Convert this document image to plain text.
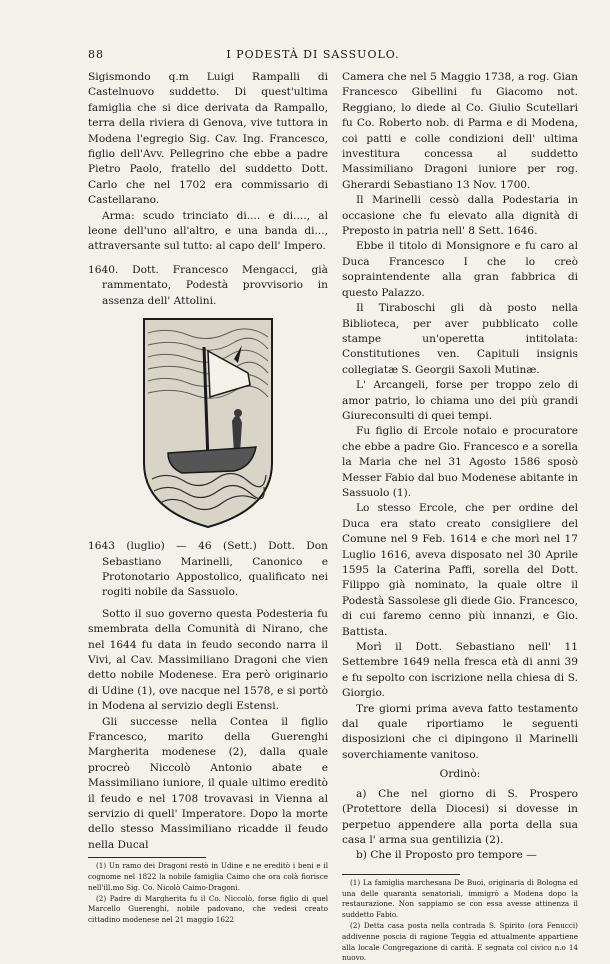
88	I PODESTÀ DI SASSUOLO.

Sigismondo q.m Luigi Rampalli di Castelnuovo suddetto. Di quest'ultima famiglia che si dice derivata da Rampallo, terra della riviera di Genova, vive tuttora in Modena l'egregio Sig. Cav. Ing. Francesco, figlio dell'Avv. Pellegrino che ebbe a padre Pietro Paolo, fratello del suddetto Dott. Carlo che nel 1702 era commissario di Castellarano.

Arma: scudo trinciato di.... e di...., al leone dell'uno all'altro, e una banda di..., attraversante sul tutto: al capo dell' Impero.

1640. Dott. Francesco Mengacci, già rammentato, Podestà provvisorio in assenza dell' Attolini.

1643 (luglio) — 46 (Sett.) Dott. Don Sebastiano Marinelli, Canonico e Protonotario Appostolico, qualificato nei rogiti nobile da Sassuolo.

Sotto il suo governo questa Podesteria fu smembrata della Comunità di Nirano, che nel 1644 fu data in feudo secondo narra il Vivi, al Cav. Massimiliano Dragoni che vien detto nobile Modenese. Era però originario di Udine (1), ove nacque nel 1578, e si portò in Modena al servizio degli Estensi.

Gli successe nella Contea il figlio Francesco, marito della Guerenghi Margherita modenese (2), dalla quale procreò Niccolò Antonio abate e Massimiliano iuniore, il quale ultimo ereditò il feudo e nel 1708 trovavasi in Vienna al servizio di quell' Imperatore. Dopo la morte dello stesso Massimiliano ricadde il feudo nella Ducal

(1) Un ramo dei Dragoni restò in Udine e ne ereditò i beni e il cognome nel 1822 la nobile famiglia Caimo che ora colà fiorisce nell'ill.mo Sig. Co. Nicolò Caimo-Dragoni.

(2) Padre di Margherita fu il Co. Niccolò, forse figlio di quel Marcello Guerenghi, nobile padovano, che vedesi creato cittadino modenese nel 21 maggio 1622

Camera che nel 5 Maggio 1738, a rog. Gian Francesco Gibellini fu Giacomo not. Reggiano, lo diede al Co. Giulio Scutellari fu Co. Roberto nob. di Parma e di Modena, coi patti e colle condizioni dell' ultima investitura concessa al suddetto Massimiliano Dragoni iuniore per rog. Gherardi Sebastiano 13 Nov. 1700.

Il Marinelli cessò dalla Podestaria in occasione che fu elevato alla dignità di Preposto in patria nell' 8 Sett. 1646.

Ebbe il titolo di Monsignore e fu caro al Duca Francesco I che lo creò sopraintendente alla gran fabbrica di questo Palazzo.

Il Tiraboschi gli dà posto nella Biblioteca, per aver pubblicato colle stampe un'operetta intitolata: Constitutiones ven. Capituli insignis collegiatæ S. Georgii Saxoli Mutinæ.

L' Arcangeli, forse per troppo zelo di amor patrio, lo chiama uno dei più grandi Giureconsulti di quei tempi.

Fu figlio di Ercole notaio e procuratore che ebbe a padre Gio. Francesco e a sorella la Maria che nel 31 Agosto 1586 sposò Messer Fabio dal buo Modenese abitante in Sassuolo (1).

Lo stesso Ercole, che per ordine del Duca era stato creato consigliere del Comune nel 9 Feb. 1614 e che morì nel 17 Luglio 1616, aveva disposato nel 30 Aprile 1595 la Caterina Paffi, sorella del Dott. Filippo già nominato, la quale oltre il Podestà Sassolese gli diede Gio. Francesco, di cui faremo cenno più innanzi, e Gio. Battista.

Morì il Dott. Sebastiano nell' 11 Settembre 1649 nella fresca età di anni 39 e fu sepolto con iscrizione nella chiesa di S. Giorgio.

Tre giorni prima aveva fatto testamento dal quale riportiamo le seguenti disposizioni che ci dipingono il Marinelli soverchiamente vanitoso.

Ordinò:

a) Che nel giorno di S. Prospero (Protettore della Diocesi) si dovesse in perpetuo appendere alla porta della sua casa l' arma sua gentilizia (2).

b) Che il Proposto pro tempore —

(1) La famiglia marchesana De Buoi, originaria di Bologna ed una delle quaranta senatoriali, immigrò a Modena dopo la restaurazione. Non sappiamo se con essa avesse attinenza il suddetto Fabio.

(2) Detta casa posta nella contrada S. Spirito (ora Fenucci) addivenne poscia di ragione Teggia ed attualmente appartiene alla locale Congregazione di carità. E segnata col civico n.o 14 nuovo.
